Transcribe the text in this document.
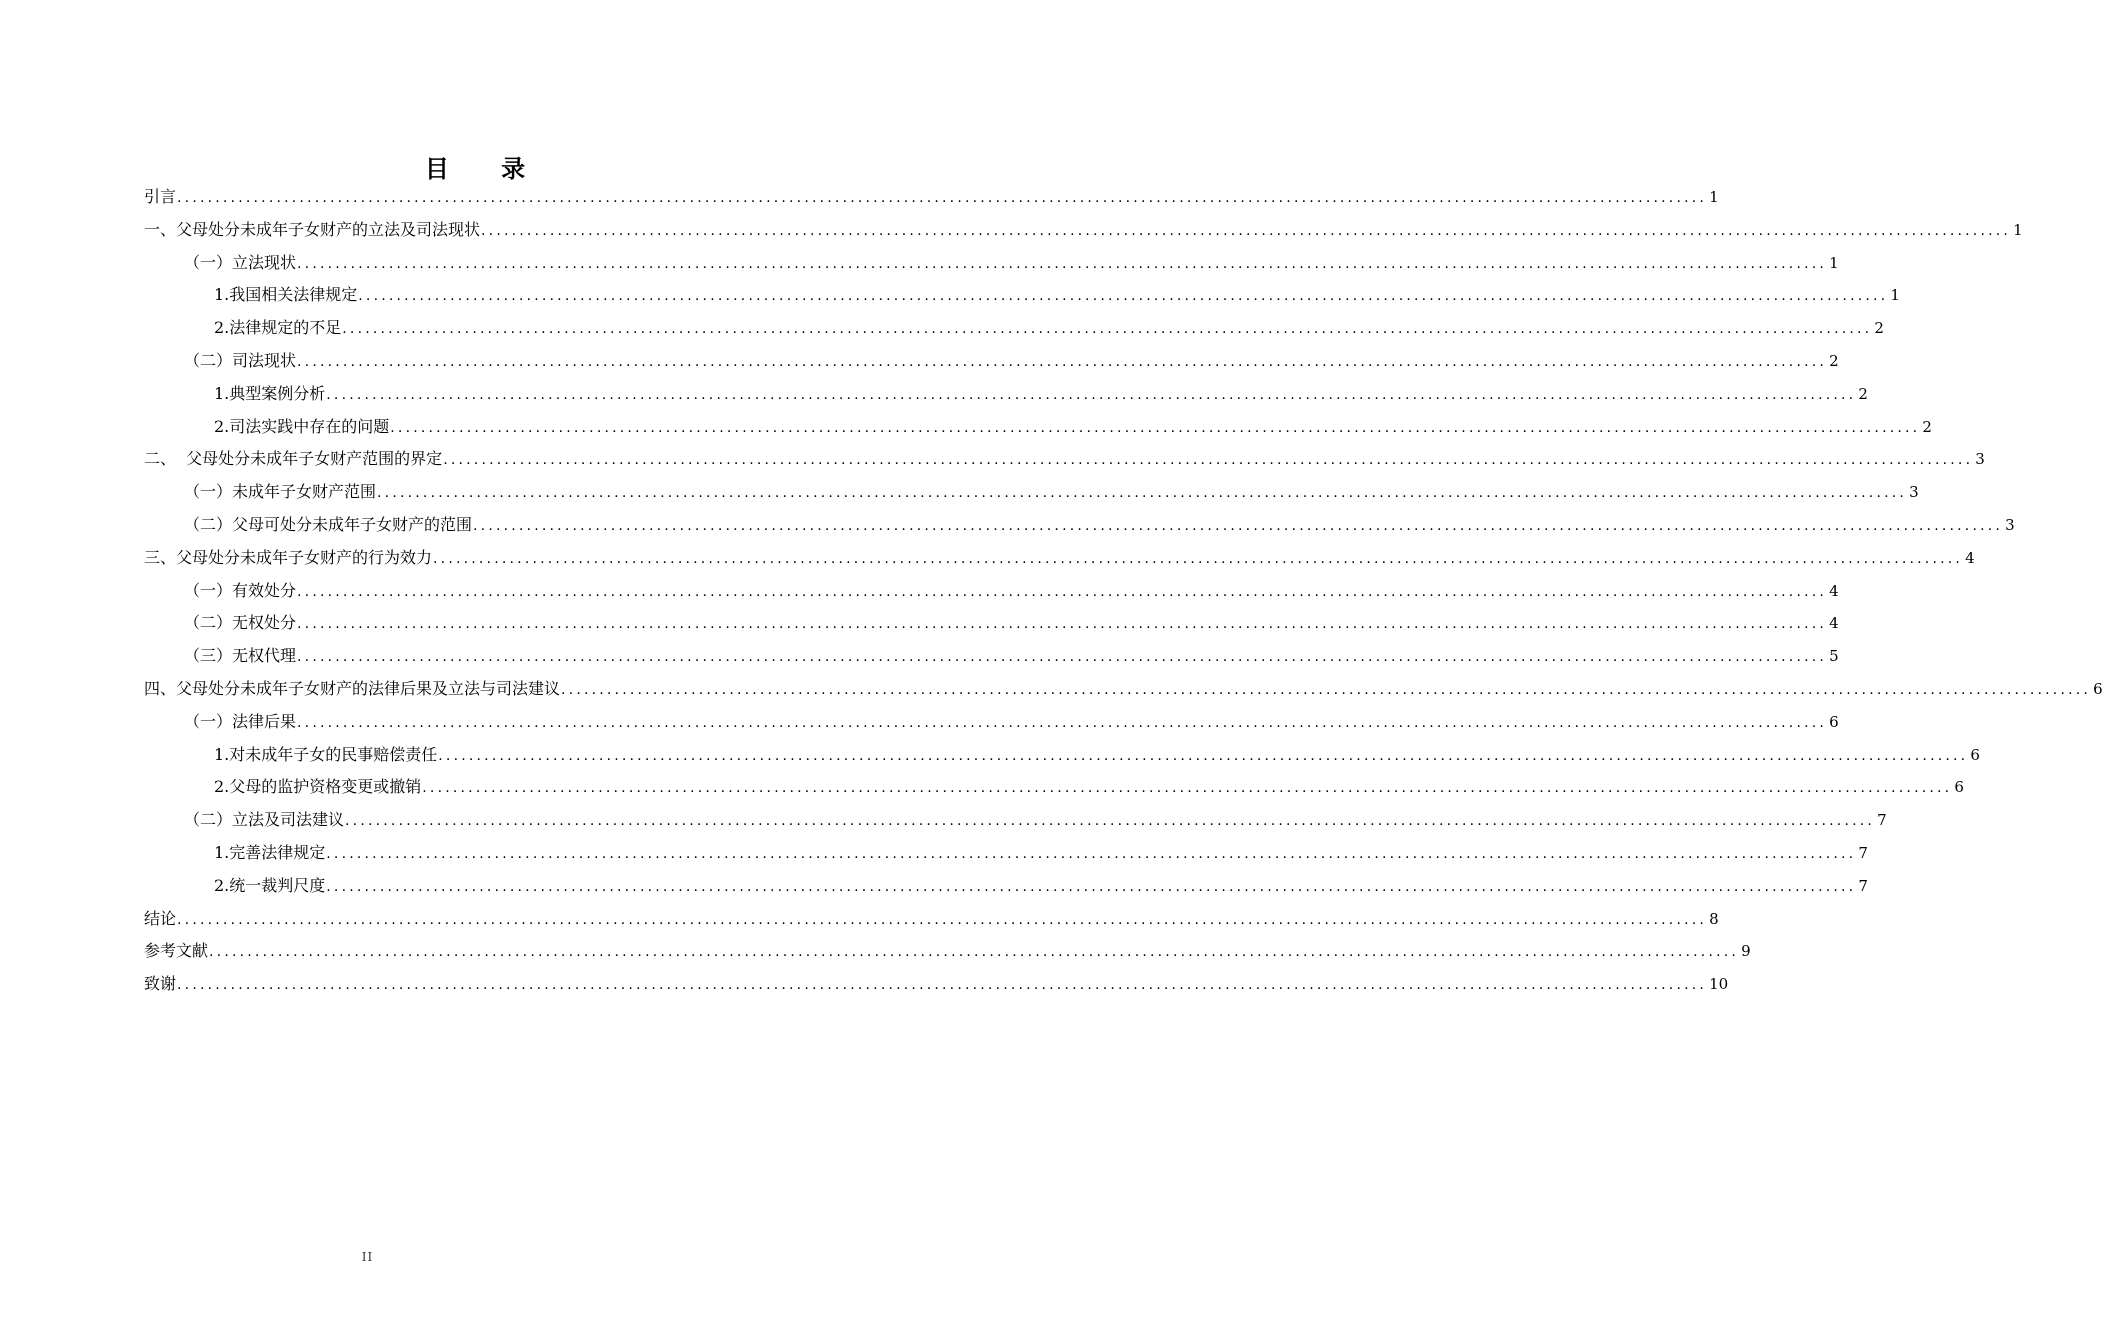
目 录
引言 ........................................................................................................................................................................................................ 1
一、父母处分未成年子女财产的立法及司法现状 ........................................................................................................................................................................................................ 1
（一）立法现状 ........................................................................................................................................................................................................ 1
1.我国相关法律规定 ........................................................................................................................................................................................................ 1
2.法律规定的不足 ........................................................................................................................................................................................................ 2
（二）司法现状 ........................................................................................................................................................................................................ 2
1.典型案例分析 ........................................................................................................................................................................................................ 2
2.司法实践中存在的问题 ........................................................................................................................................................................................................ 2
二、  父母处分未成年子女财产范围的界定 ........................................................................................................................................................................................................ 3
（一）未成年子女财产范围 ........................................................................................................................................................................................................ 3
（二）父母可处分未成年子女财产的范围 ........................................................................................................................................................................................................ 3
三、父母处分未成年子女财产的行为效力 ........................................................................................................................................................................................................ 4
（一）有效处分 ........................................................................................................................................................................................................ 4
（二）无权处分 ........................................................................................................................................................................................................ 4
（三）无权代理 ........................................................................................................................................................................................................ 5
四、父母处分未成年子女财产的法律后果及立法与司法建议 ........................................................................................................................................................................................................ 6
（一）法律后果 ........................................................................................................................................................................................................ 6
1.对未成年子女的民事赔偿责任 ........................................................................................................................................................................................................ 6
2.父母的监护资格变更或撤销 ........................................................................................................................................................................................................ 6
（二）立法及司法建议 ........................................................................................................................................................................................................ 7
1.完善法律规定 ........................................................................................................................................................................................................ 7
2.统一裁判尺度 ........................................................................................................................................................................................................ 7
结论 ........................................................................................................................................................................................................ 8
参考文献 ........................................................................................................................................................................................................ 9
致谢 ........................................................................................................................................................................................................ 10
II
